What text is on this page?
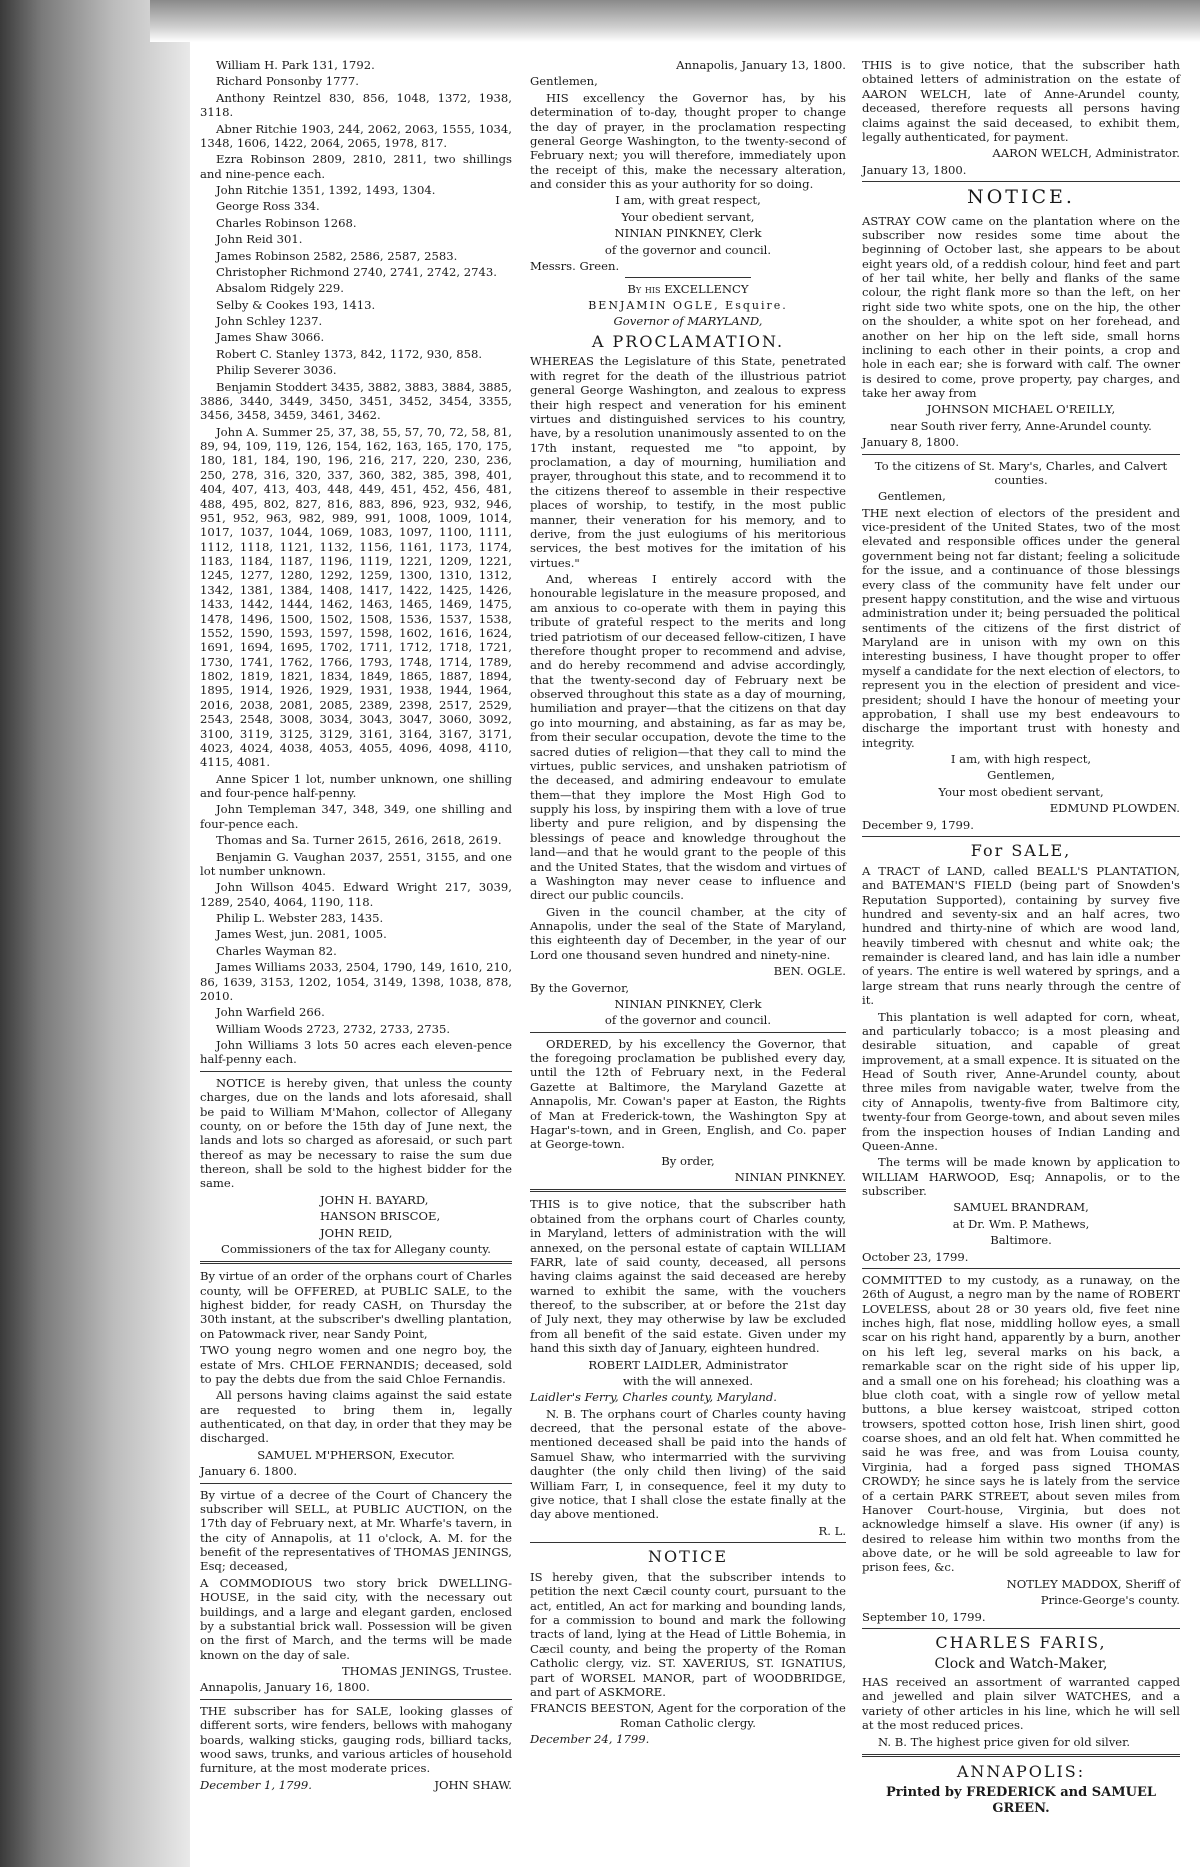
William H. Park 131, 1792.

Richard Ponsonby 1777.

Anthony Reintzel 830, 856, 1048, 1372, 1938, 3118.

Abner Ritchie 1903, 244, 2062, 2063, 1555, 1034, 1348, 1606, 1422, 2064, 2065, 1978, 817.

Ezra Robinson 2809, 2810, 2811, two shillings and nine-pence each.

John Ritchie 1351, 1392, 1493, 1304.

George Ross 334.

Charles Robinson 1268.

John Reid 301.

James Robinson 2582, 2586, 2587, 2583.

Christopher Richmond 2740, 2741, 2742, 2743.

Absalom Ridgely 229.

Selby & Cookes 193, 1413.

John Schley 1237.

James Shaw 3066.

Robert C. Stanley 1373, 842, 1172, 930, 858.

Philip Severer 3036.

Benjamin Stoddert 3435, 3882, 3883, 3884, 3885, 3886, 3440, 3449, 3450, 3451, 3452, 3454, 3355, 3456, 3458, 3459, 3461, 3462.

John A. Summer 25, 37, 38, 55, 57, 70, 72, 58, 81, 89, 94, 109, 119, 126, 154, 162, 163, 165, 170, 175, 180, 181, 184, 190, 196, 216, 217, 220, 230, 236, 250, 278, 316, 320, 337, 360, 382, 385, 398, 401, 404, 407, 413, 403, 448, 449, 451, 452, 456, 481, 488, 495, 802, 827, 816, 883, 896, 923, 932, 946, 951, 952, 963, 982, 989, 991, 1008, 1009, 1014, 1017, 1037, 1044, 1069, 1083, 1097, 1100, 1111, 1112, 1118, 1121, 1132, 1156, 1161, 1173, 1174, 1183, 1184, 1187, 1196, 1119, 1221, 1209, 1221, 1245, 1277, 1280, 1292, 1259, 1300, 1310, 1312, 1342, 1381, 1384, 1408, 1417, 1422, 1425, 1426, 1433, 1442, 1444, 1462, 1463, 1465, 1469, 1475, 1478, 1496, 1500, 1502, 1508, 1536, 1537, 1538, 1552, 1590, 1593, 1597, 1598, 1602, 1616, 1624, 1691, 1694, 1695, 1702, 1711, 1712, 1718, 1721, 1730, 1741, 1762, 1766, 1793, 1748, 1714, 1789, 1802, 1819, 1821, 1834, 1849, 1865, 1887, 1894, 1895, 1914, 1926, 1929, 1931, 1938, 1944, 1964, 2016, 2038, 2081, 2085, 2389, 2398, 2517, 2529, 2543, 2548, 3008, 3034, 3043, 3047, 3060, 3092, 3100, 3119, 3125, 3129, 3161, 3164, 3167, 3171, 4023, 4024, 4038, 4053, 4055, 4096, 4098, 4110, 4115, 4081.

Anne Spicer 1 lot, number unknown, one shilling and four-pence half-penny.

John Templeman 347, 348, 349, one shilling and four-pence each.

Thomas and Sa. Turner 2615, 2616, 2618, 2619.

Benjamin G. Vaughan 2037, 2551, 3155, and one lot number unknown.

John Willson 4045. Edward Wright 217, 3039, 1289, 2540, 4064, 1190, 118.

Philip L. Webster 283, 1435.

James West, jun. 2081, 1005.

Charles Wayman 82.

James Williams 2033, 2504, 1790, 149, 1610, 210, 86, 1639, 3153, 1202, 1054, 3149, 1398, 1038, 878, 2010.

John Warfield 266.

William Woods 2723, 2732, 2733, 2735.

John Williams 3 lots 50 acres each eleven-pence half-penny each.

NOTICE is hereby given, that unless the county charges, due on the lands and lots aforesaid, shall be paid to William M'Mahon, collector of Allegany county, on or before the 15th day of June next, the lands and lots so charged as aforesaid, or such part thereof as may be necessary to raise the sum due thereon, shall be sold to the highest bidder for the same.

JOHN H. BAYARD,

HANSON BRISCOE,

JOHN REID,

Commissioners of the tax for Allegany county.

By virtue of an order of the orphans court of Charles county, will be OFFERED, at PUBLIC SALE, to the highest bidder, for ready CASH, on Thursday the 30th instant, at the subscriber's dwelling plantation, on Patowmack river, near Sandy Point,

TWO young negro women and one negro boy, the estate of Mrs. CHLOE FERNANDIS; deceased, sold to pay the debts due from the said Chloe Fernandis.

All persons having claims against the said estate are requested to bring them in, legally authenticated, on that day, in order that they may be discharged.

SAMUEL M'PHERSON, Executor.

January 6. 1800.

By virtue of a decree of the Court of Chancery the subscriber will SELL, at PUBLIC AUCTION, on the 17th day of February next, at Mr. Wharfe's tavern, in the city of Annapolis, at 11 o'clock, A. M. for the benefit of the representatives of THOMAS JENINGS, Esq; deceased,

A COMMODIOUS two story brick DWELLING-HOUSE, in the said city, with the necessary out buildings, and a large and elegant garden, enclosed by a substantial brick wall. Possession will be given on the first of March, and the terms will be made known on the day of sale.

THOMAS JENINGS, Trustee.

Annapolis, January 16, 1800.

THE subscriber has for SALE, looking glasses of different sorts, wire fenders, bellows with mahogany boards, walking sticks, gauging rods, billiard tacks, wood saws, trunks, and various articles of household furniture, at the most moderate prices.

December 1, 1799.	JOHN SHAW.

Annapolis, January 13, 1800.

Gentlemen,

HIS excellency the Governor has, by his determination of to-day, thought proper to change the day of prayer, in the proclamation respecting general George Washington, to the twenty-second of February next; you will therefore, immediately upon the receipt of this, make the necessary alteration, and consider this as your authority for so doing.

I am, with great respect,

Your obedient servant,

NINIAN PINKNEY, Clerk

of the governor and council.

Messrs. Green.

By his EXCELLENCY

BENJAMIN OGLE, Esquire.

Governor of MARYLAND,

A PROCLAMATION.

WHEREAS the Legislature of this State, penetrated with regret for the death of the illustrious patriot general George Washington, and zealous to express their high respect and veneration for his eminent virtues and distinguished services to his country, have, by a resolution unanimously assented to on the 17th instant, requested me "to appoint, by proclamation, a day of mourning, humiliation and prayer, throughout this state, and to recommend it to the citizens thereof to assemble in their respective places of worship, to testify, in the most public manner, their veneration for his memory, and to derive, from the just eulogiums of his meritorious services, the best motives for the imitation of his virtues."

And, whereas I entirely accord with the honourable legislature in the measure proposed, and am anxious to co-operate with them in paying this tribute of grateful respect to the merits and long tried patriotism of our deceased fellow-citizen, I have therefore thought proper to recommend and advise, and do hereby recommend and advise accordingly, that the twenty-second day of February next be observed throughout this state as a day of mourning, humiliation and prayer—that the citizens on that day go into mourning, and abstaining, as far as may be, from their secular occupation, devote the time to the sacred duties of religion—that they call to mind the virtues, public services, and unshaken patriotism of the deceased, and admiring endeavour to emulate them—that they implore the Most High God to supply his loss, by inspiring them with a love of true liberty and pure religion, and by dispensing the blessings of peace and knowledge throughout the land—and that he would grant to the people of this and the United States, that the wisdom and virtues of a Washington may never cease to influence and direct our public councils.

Given in the council chamber, at the city of Annapolis, under the seal of the State of Maryland, this eighteenth day of December, in the year of our Lord one thousand seven hundred and ninety-nine.

BEN. OGLE.

By the Governor,

NINIAN PINKNEY, Clerk

of the governor and council.

ORDERED, by his excellency the Governor, that the foregoing proclamation be published every day, until the 12th of February next, in the Federal Gazette at Baltimore, the Maryland Gazette at Annapolis, Mr. Cowan's paper at Easton, the Rights of Man at Frederick-town, the Washington Spy at Hagar's-town, and in Green, English, and Co. paper at George-town.

By order,

NINIAN PINKNEY.

THIS is to give notice, that the subscriber hath obtained from the orphans court of Charles county, in Maryland, letters of administration with the will annexed, on the personal estate of captain WILLIAM FARR, late of said county, deceased, all persons having claims against the said deceased are hereby warned to exhibit the same, with the vouchers thereof, to the subscriber, at or before the 21st day of July next, they may otherwise by law be excluded from all benefit of the said estate. Given under my hand this sixth day of January, eighteen hundred.

ROBERT LAIDLER, Administrator

with the will annexed.

Laidler's Ferry, Charles county, Maryland.

N. B. The orphans court of Charles county having decreed, that the personal estate of the above-mentioned deceased shall be paid into the hands of Samuel Shaw, who intermarried with the surviving daughter (the only child then living) of the said William Farr, I, in consequence, feel it my duty to give notice, that I shall close the estate finally at the day above mentioned.

R. L.

NOTICE

IS hereby given, that the subscriber intends to petition the next Cæcil county court, pursuant to the act, entitled, An act for marking and bounding lands, for a commission to bound and mark the following tracts of land, lying at the Head of Little Bohemia, in Cæcil county, and being the property of the Roman Catholic clergy, viz. ST. XAVERIUS, ST. IGNATIUS, part of WORSEL MANOR, part of WOODBRIDGE, and part of ASKMORE.

FRANCIS BEESTON, Agent for the corporation of the Roman Catholic clergy.

December 24, 1799.

THIS is to give notice, that the subscriber hath obtained letters of administration on the estate of AARON WELCH, late of Anne-Arundel county, deceased, therefore requests all persons having claims against the said deceased, to exhibit them, legally authenticated, for payment.

AARON WELCH, Administrator.

January 13, 1800.

NOTICE.

ASTRAY COW came on the plantation where on the subscriber now resides some time about the beginning of October last, she appears to be about eight years old, of a reddish colour, hind feet and part of her tail white, her belly and flanks of the same colour, the right flank more so than the left, on her right side two white spots, one on the hip, the other on the shoulder, a white spot on her forehead, and another on her hip on the left side, small horns inclining to each other in their points, a crop and hole in each ear; she is forward with calf. The owner is desired to come, prove property, pay charges, and take her away from

JOHNSON MICHAEL O'REILLY,

near South river ferry, Anne-Arundel county.

January 8, 1800.

To the citizens of St. Mary's, Charles, and Calvert counties.

Gentlemen,

THE next election of electors of the president and vice-president of the United States, two of the most elevated and responsible offices under the general government being not far distant; feeling a solicitude for the issue, and a continuance of those blessings every class of the community have felt under our present happy constitution, and the wise and virtuous administration under it; being persuaded the political sentiments of the citizens of the first district of Maryland are in unison with my own on this interesting business, I have thought proper to offer myself a candidate for the next election of electors, to represent you in the election of president and vice-president; should I have the honour of meeting your approbation, I shall use my best endeavours to discharge the important trust with honesty and integrity.

I am, with high respect,

Gentlemen,

Your most obedient servant,

EDMUND PLOWDEN.

December 9, 1799.

For SALE,

A TRACT of LAND, called BEALL'S PLANTATION, and BATEMAN'S FIELD (being part of Snowden's Reputation Supported), containing by survey five hundred and seventy-six and an half acres, two hundred and thirty-nine of which are wood land, heavily timbered with chesnut and white oak; the remainder is cleared land, and has lain idle a number of years. The entire is well watered by springs, and a large stream that runs nearly through the centre of it.

This plantation is well adapted for corn, wheat, and particularly tobacco; is a most pleasing and desirable situation, and capable of great improvement, at a small expence. It is situated on the Head of South river, Anne-Arundel county, about three miles from navigable water, twelve from the city of Annapolis, twenty-five from Baltimore city, twenty-four from George-town, and about seven miles from the inspection houses of Indian Landing and Queen-Anne.

The terms will be made known by application to WILLIAM HARWOOD, Esq; Annapolis, or to the subscriber.

SAMUEL BRANDRAM,

at Dr. Wm. P. Mathews,

Baltimore.

October 23, 1799.

COMMITTED to my custody, as a runaway, on the 26th of August, a negro man by the name of ROBERT LOVELESS, about 28 or 30 years old, five feet nine inches high, flat nose, middling hollow eyes, a small scar on his right hand, apparently by a burn, another on his left leg, several marks on his back, a remarkable scar on the right side of his upper lip, and a small one on his forehead; his cloathing was a blue cloth coat, with a single row of yellow metal buttons, a blue kersey waistcoat, striped cotton trowsers, spotted cotton hose, Irish linen shirt, good coarse shoes, and an old felt hat. When committed he said he was free, and was from Louisa county, Virginia, had a forged pass signed THOMAS CROWDY; he since says he is lately from the service of a certain PARK STREET, about seven miles from Hanover Court-house, Virginia, but does not acknowledge himself a slave. His owner (if any) is desired to release him within two months from the above date, or he will be sold agreeable to law for prison fees, &c.

NOTLEY MADDOX, Sheriff of

Prince-George's county.

September 10, 1799.

CHARLES FARIS,

Clock and Watch-Maker,

HAS received an assortment of warranted capped and jewelled and plain silver WATCHES, and a variety of other articles in his line, which he will sell at the most reduced prices.

N. B. The highest price given for old silver.

ANNAPOLIS:

Printed by FREDERICK and SAMUEL GREEN.
